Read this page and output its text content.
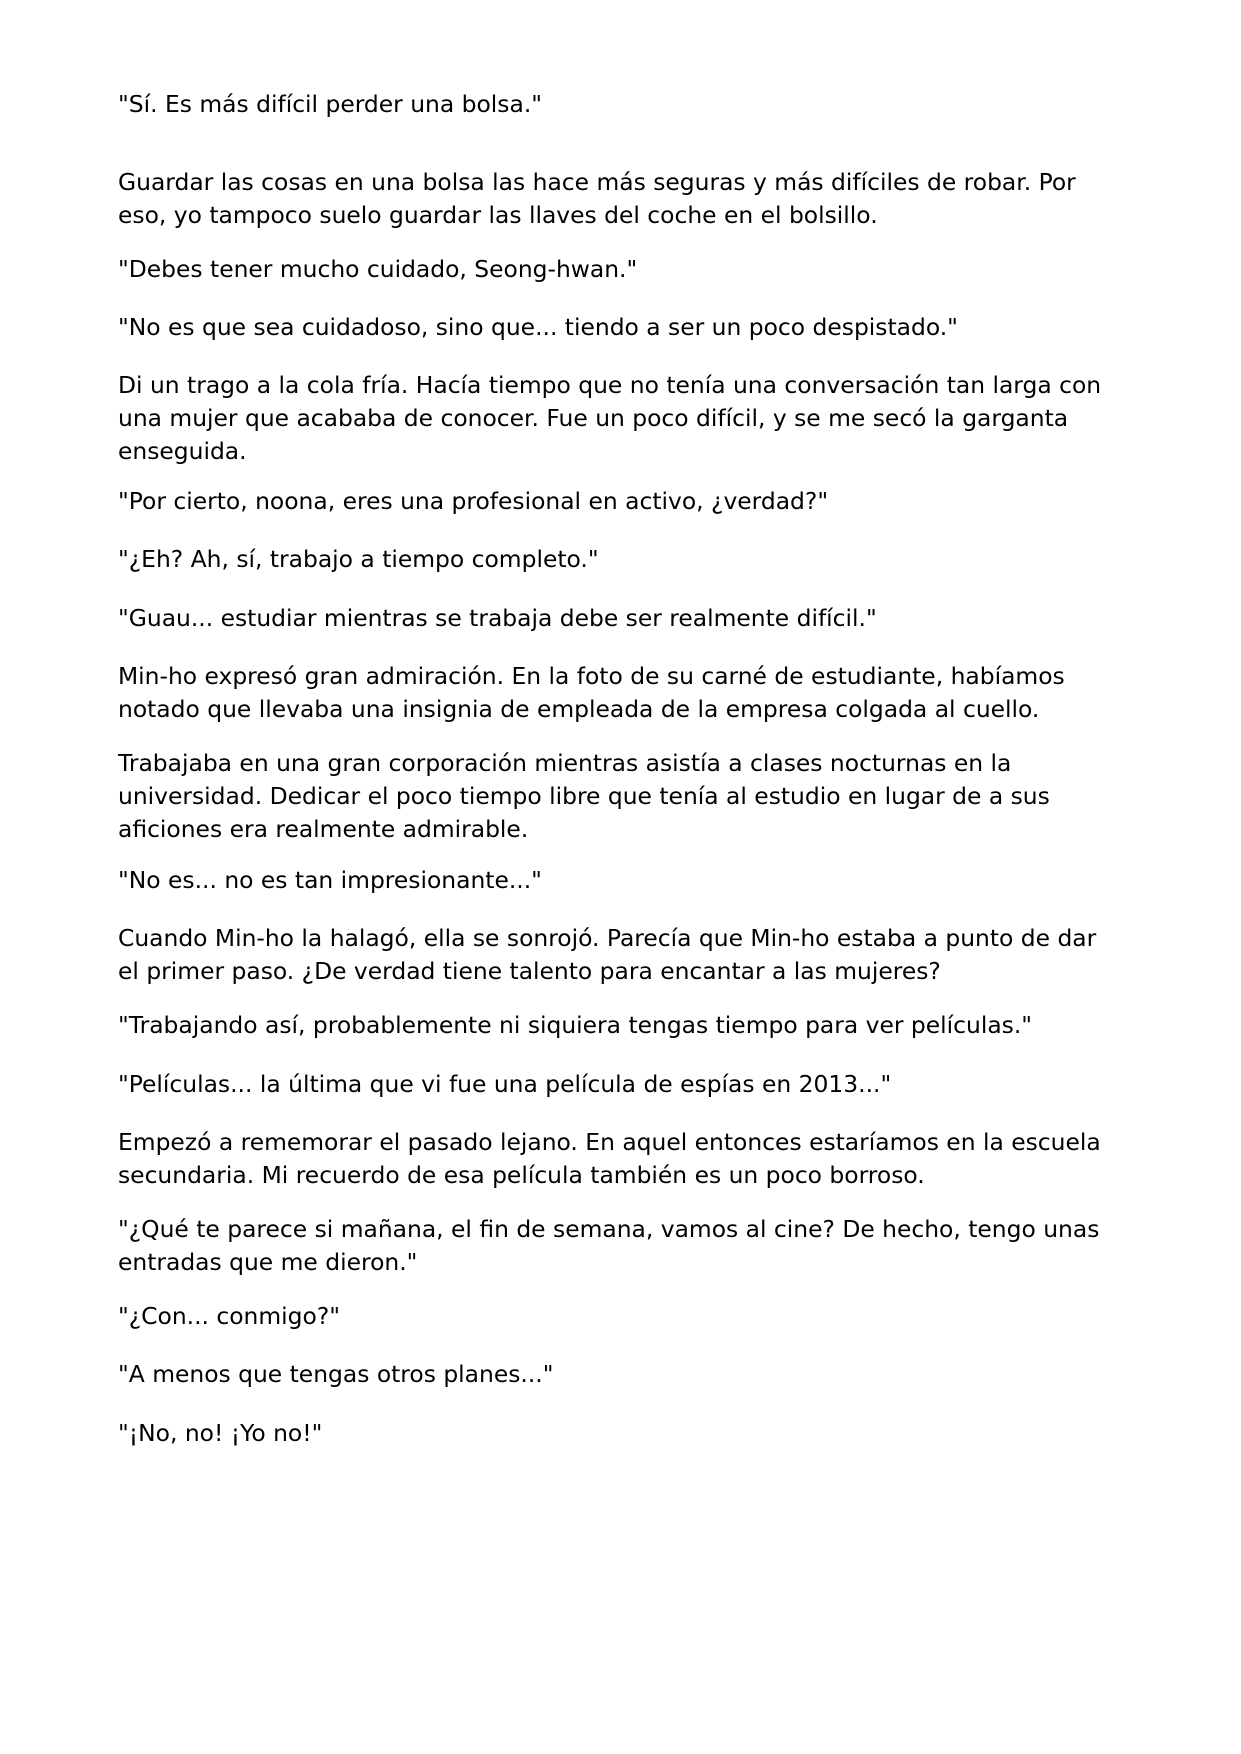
"Sí. Es más difícil perder una bolsa."

Guardar las cosas en una bolsa las hace más seguras y más difíciles de robar. Por
eso, yo tampoco suelo guardar las llaves del coche en el bolsillo.

"Debes tener mucho cuidado, Seong-hwan."

"No es que sea cuidadoso, sino que... tiendo a ser un poco despistado."

Di un trago a la cola fría. Hacía tiempo que no tenía una conversación tan larga con
una mujer que acababa de conocer. Fue un poco difícil, y se me secó la garganta
enseguida.

"Por cierto, noona, eres una profesional en activo, ¿verdad?"

"¿Eh? Ah, sí, trabajo a tiempo completo."

"Guau... estudiar mientras se trabaja debe ser realmente difícil."

Min-ho expresó gran admiración. En la foto de su carné de estudiante, habíamos
notado que llevaba una insignia de empleada de la empresa colgada al cuello.

Trabajaba en una gran corporación mientras asistía a clases nocturnas en la
universidad. Dedicar el poco tiempo libre que tenía al estudio en lugar de a sus
aficiones era realmente admirable.

"No es... no es tan impresionante..."

Cuando Min-ho la halagó, ella se sonrojó. Parecía que Min-ho estaba a punto de dar
el primer paso. ¿De verdad tiene talento para encantar a las mujeres?

"Trabajando así, probablemente ni siquiera tengas tiempo para ver películas."

"Películas... la última que vi fue una película de espías en 2013..."

Empezó a rememorar el pasado lejano. En aquel entonces estaríamos en la escuela
secundaria. Mi recuerdo de esa película también es un poco borroso.

"¿Qué te parece si mañana, el fin de semana, vamos al cine? De hecho, tengo unas
entradas que me dieron."

"¿Con... conmigo?"

"A menos que tengas otros planes..."

"¡No, no! ¡Yo no!"
